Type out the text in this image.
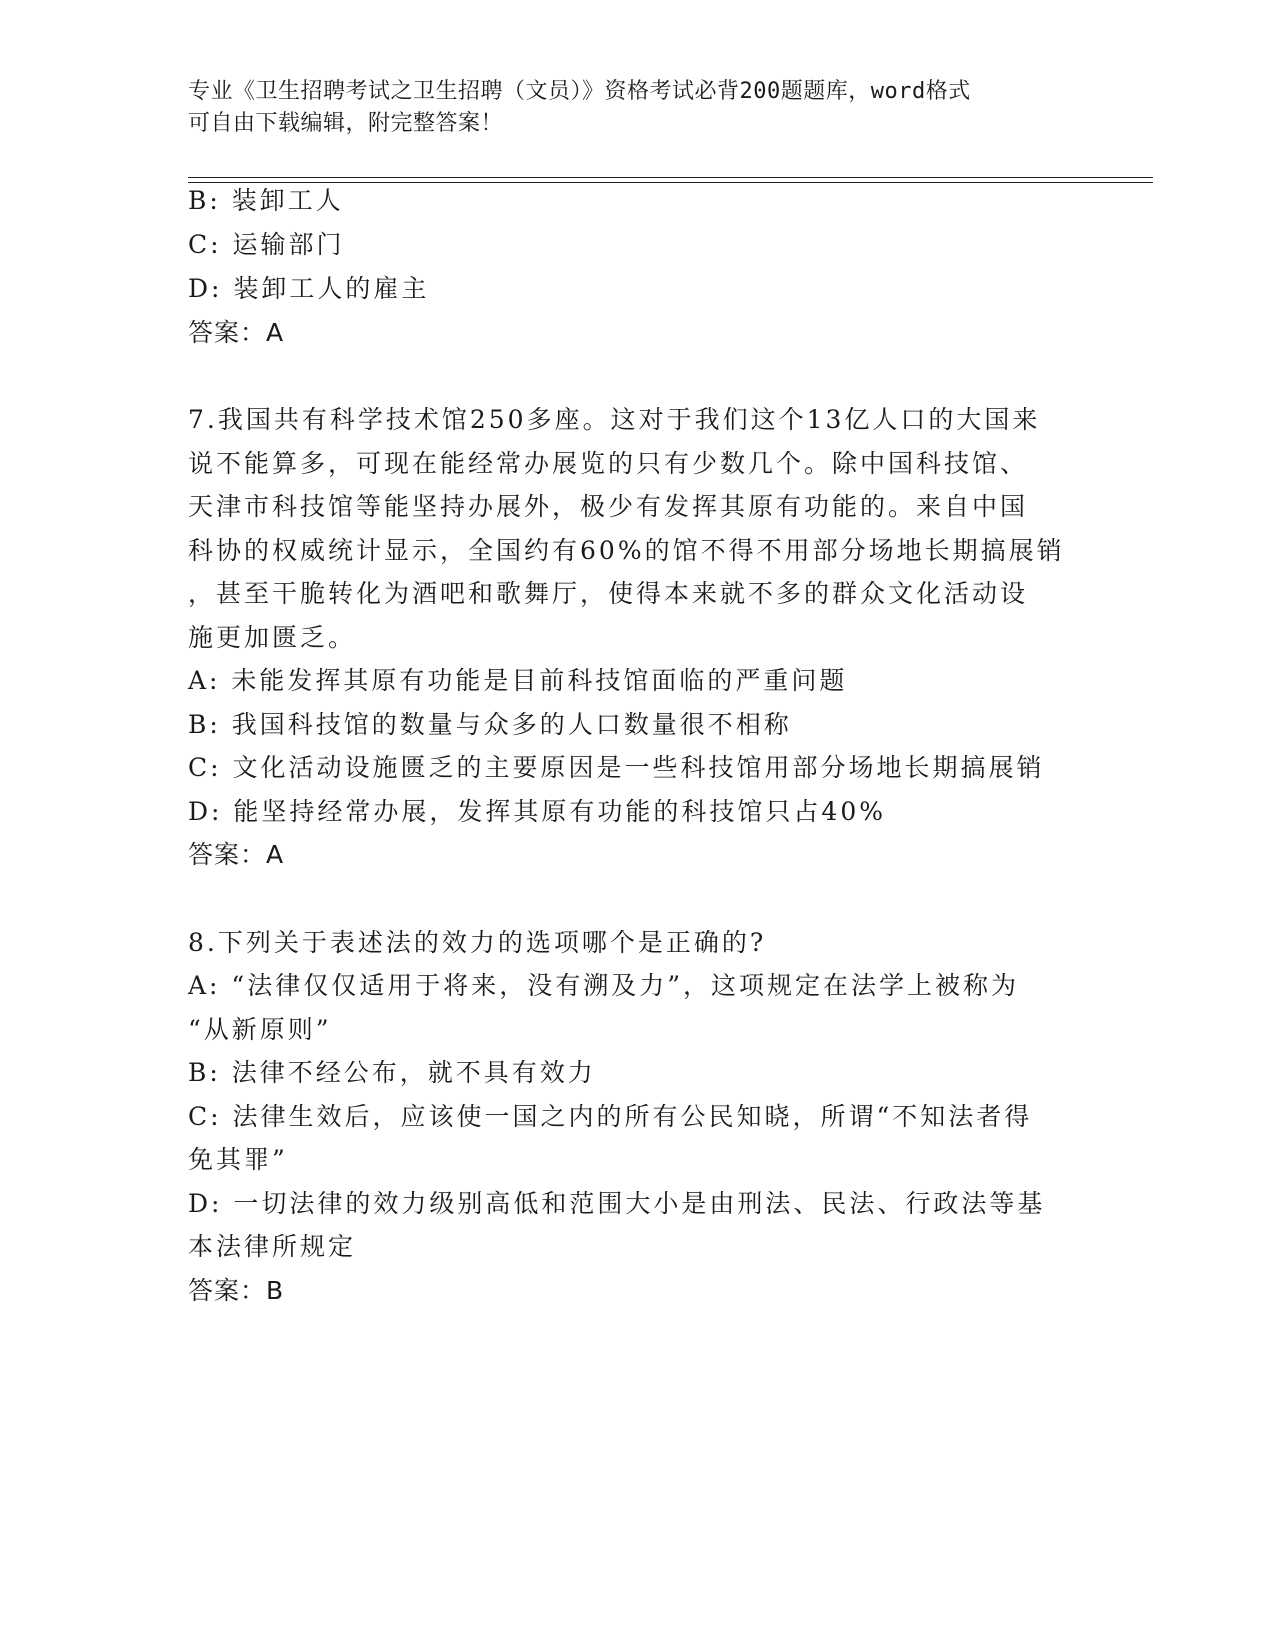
专业《卫生招聘考试之卫生招聘（文员）》资格考试必背200题题库，word格式
可自由下载编辑，附完整答案！
B: 装卸工人
C: 运输部门
D: 装卸工人的雇主
答案：A
7.我国共有科学技术馆250多座。这对于我们这个13亿人口的大国来
说不能算多，可现在能经常办展览的只有少数几个。除中国科技馆、
天津市科技馆等能坚持办展外，极少有发挥其原有功能的。来自中国
科协的权威统计显示，全国约有60%的馆不得不用部分场地长期搞展销
，甚至干脆转化为酒吧和歌舞厅，使得本来就不多的群众文化活动设
施更加匮乏。
A: 未能发挥其原有功能是目前科技馆面临的严重问题
B: 我国科技馆的数量与众多的人口数量很不相称
C: 文化活动设施匮乏的主要原因是一些科技馆用部分场地长期搞展销
D: 能坚持经常办展，发挥其原有功能的科技馆只占40%
答案：A
8.下列关于表述法的效力的选项哪个是正确的?
A: “法律仅仅适用于将来，没有溯及力”，这项规定在法学上被称为
“从新原则”
B: 法律不经公布，就不具有效力
C: 法律生效后，应该使一国之内的所有公民知晓，所谓“不知法者得
免其罪”
D: 一切法律的效力级别高低和范围大小是由刑法、民法、行政法等基
本法律所规定
答案：B
